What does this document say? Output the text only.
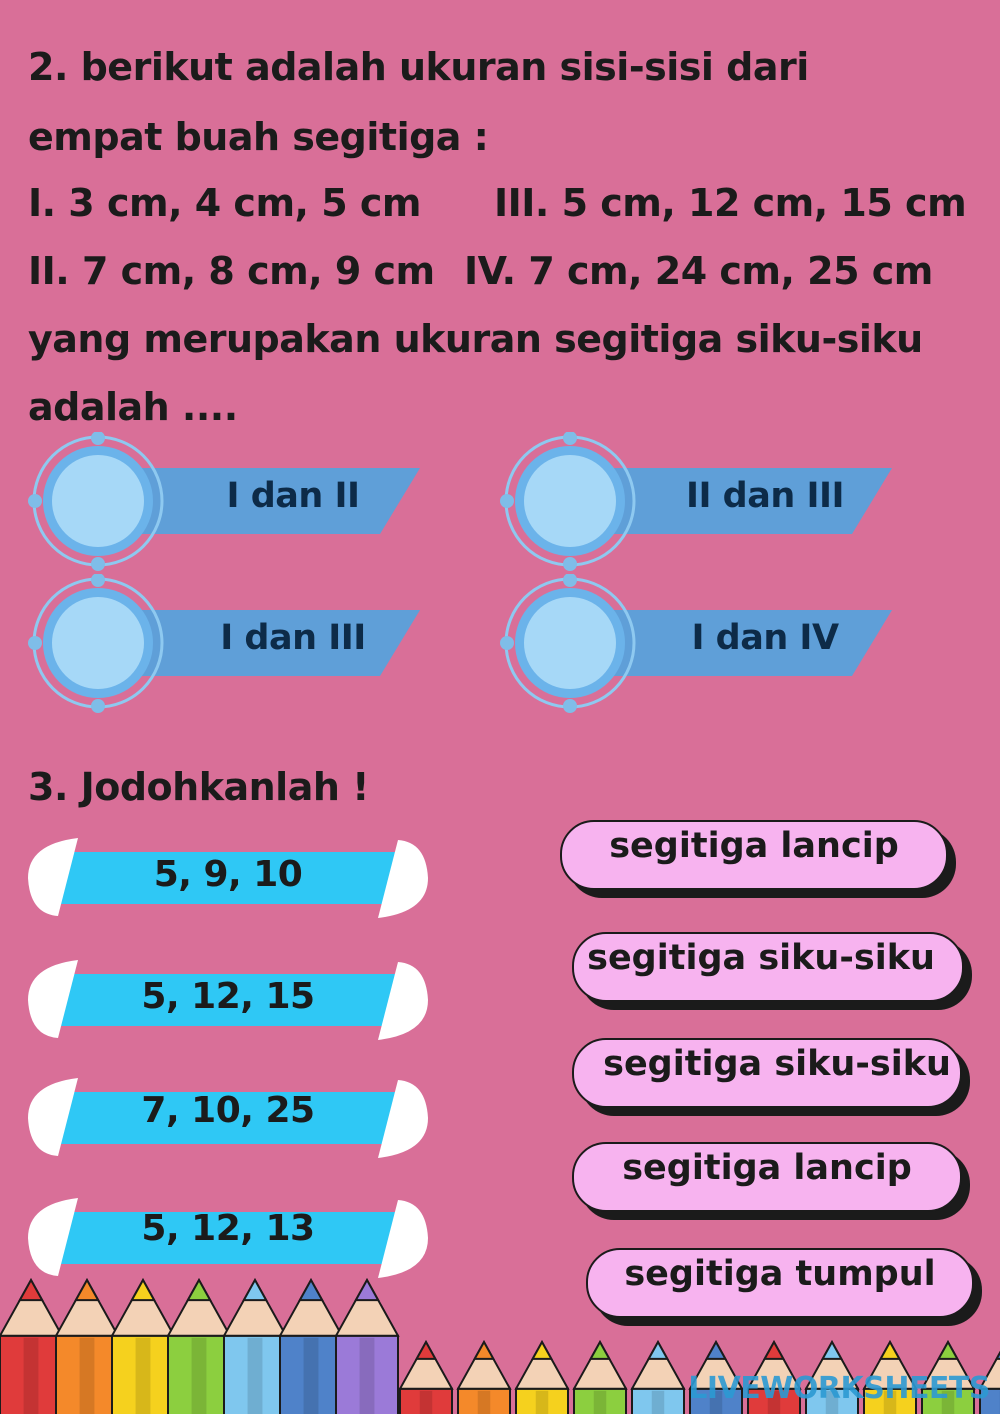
2. berikut adalah ukuran sisi-sisi dari
empat buah segitiga :
I. 3 cm, 4 cm, 5 cm III. 5 cm, 12 cm, 15 cm
II. 7 cm, 8 cm, 9 cm IV. 7 cm, 24 cm, 25 cm
yang merupakan ukuran segitiga siku-siku
adalah ....
I dan II	II dan III
I dan III	I dan IV
3. Jodohkanlah !
5, 9, 10
5, 12, 15
7, 10, 25
5, 12, 13
segitiga lancip
segitiga siku-siku
segitiga siku-siku
segitiga lancip
segitiga tumpul
LIVEWORKSHEETS
